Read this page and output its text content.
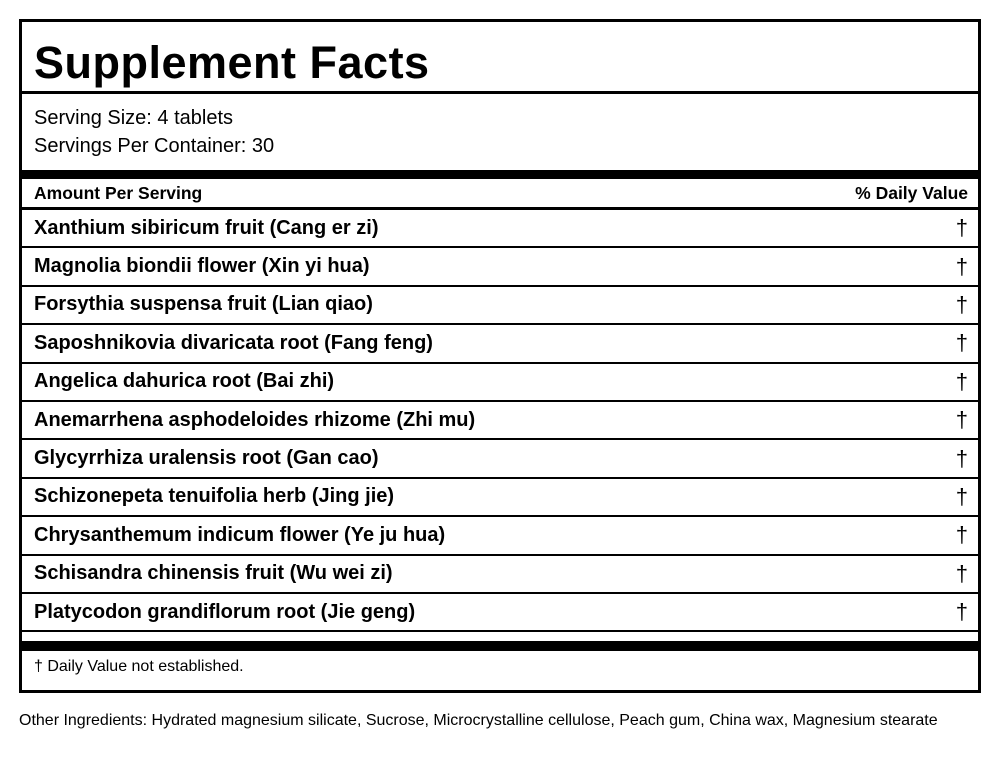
Supplement Facts
Serving Size: 4 tablets
Servings Per Container: 30
Amount Per Serving	% Daily Value
Xanthium sibiricum fruit (Cang er zi)	†
Magnolia biondii flower (Xin yi hua)	†
Forsythia suspensa fruit (Lian qiao)	†
Saposhnikovia divaricata root (Fang feng)	†
Angelica dahurica root (Bai zhi)	†
Anemarrhena asphodeloides rhizome (Zhi mu)	†
Glycyrrhiza uralensis root (Gan cao)	†
Schizonepeta tenuifolia herb (Jing jie)	†
Chrysanthemum indicum flower (Ye ju hua)	†
Schisandra chinensis fruit (Wu wei zi)	†
Platycodon grandiflorum root (Jie geng)	†
† Daily Value not established.
Other Ingredients: Hydrated magnesium silicate, Sucrose, Microcrystalline cellulose, Peach gum, China wax, Magnesium stearate
